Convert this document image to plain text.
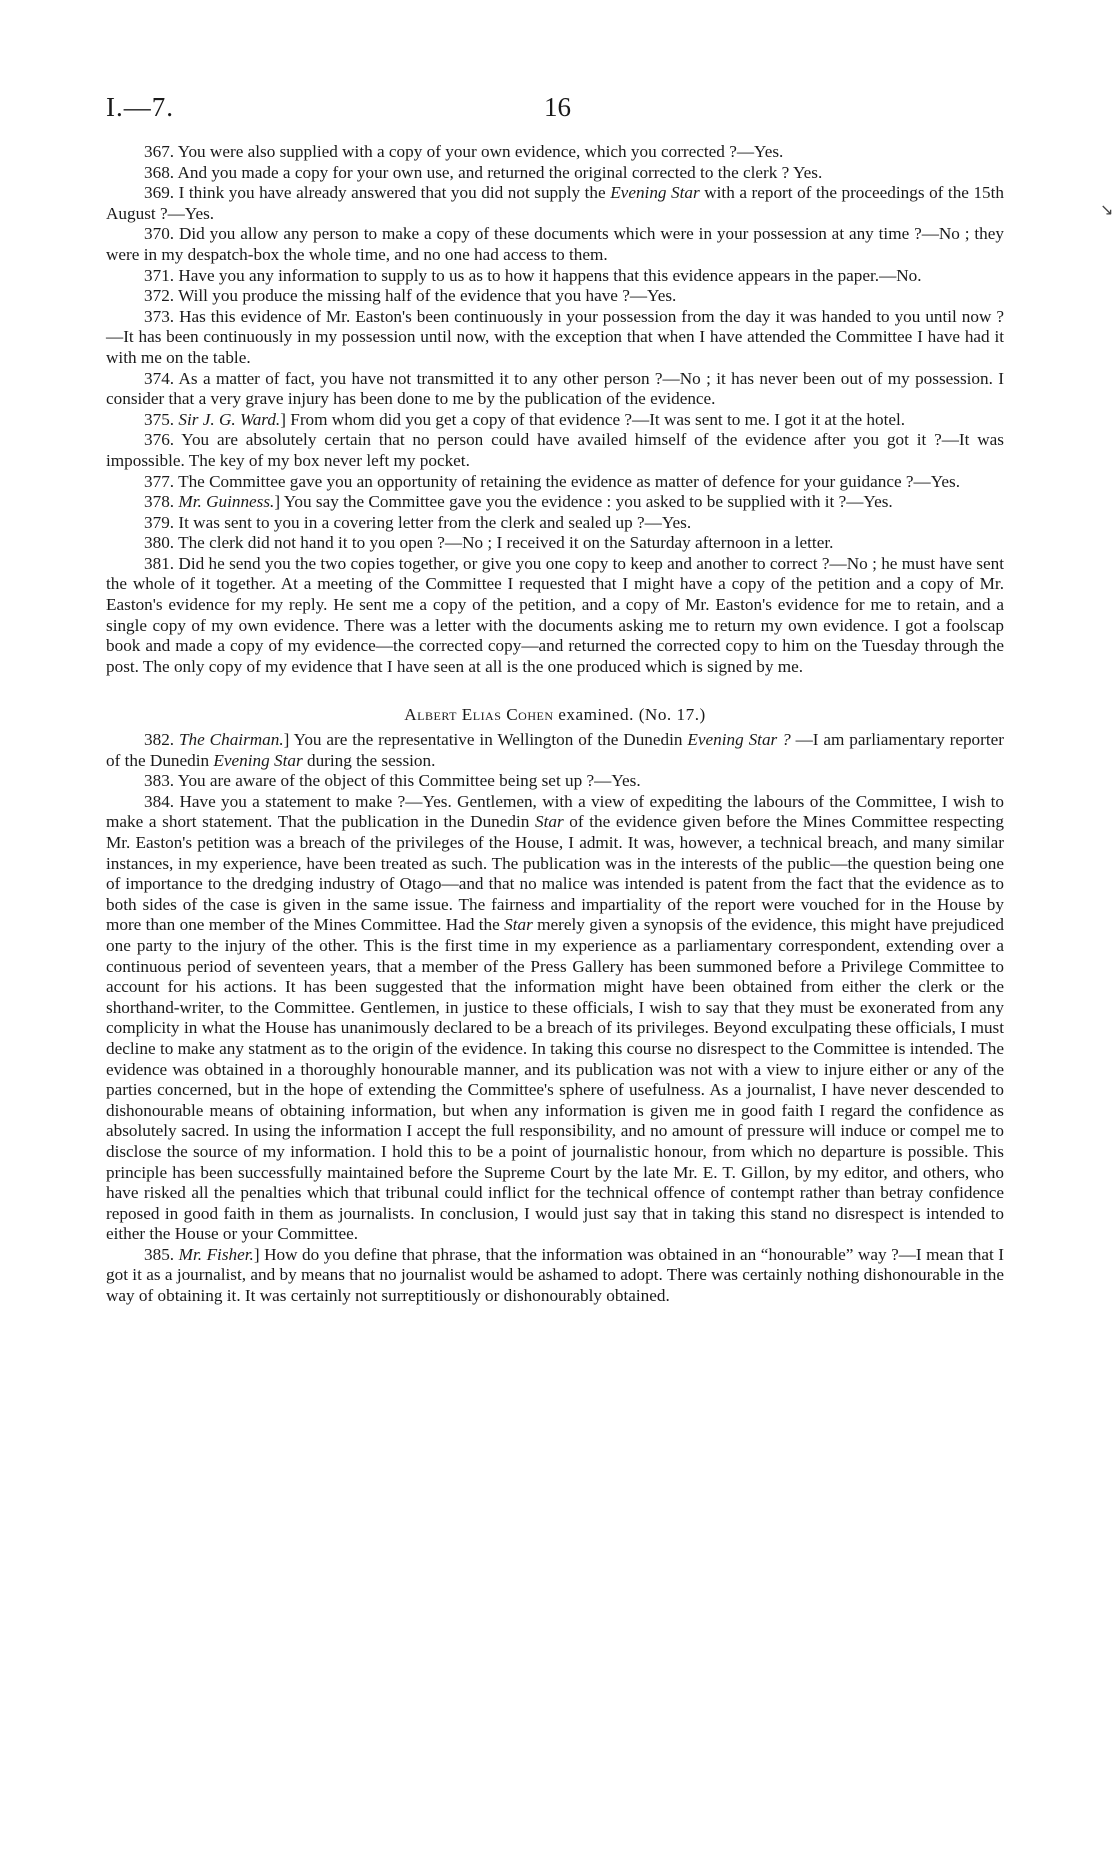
I.—7.	16
↘

367. You were also supplied with a copy of your own evidence, which you corrected ?—Yes.

368. And you made a copy for your own use, and returned the original corrected to the clerk ? Yes.

369. I think you have already answered that you did not supply the Evening Star with a report of the proceedings of the 15th August ?—Yes.

370. Did you allow any person to make a copy of these documents which were in your possession at any time ?—No ; they were in my despatch-box the whole time, and no one had access to them.

371. Have you any information to supply to us as to how it happens that this evidence appears in the paper.—No.

372. Will you produce the missing half of the evidence that you have ?—Yes.

373. Has this evidence of Mr. Easton's been continuously in your possession from the day it was handed to you until now ?—It has been continuously in my possession until now, with the exception that when I have attended the Committee I have had it with me on the table.

374. As a matter of fact, you have not transmitted it to any other person ?—No ; it has never been out of my possession. I consider that a very grave injury has been done to me by the publication of the evidence.

375. Sir J. G. Ward.] From whom did you get a copy of that evidence ?—It was sent to me. I got it at the hotel.

376. You are absolutely certain that no person could have availed himself of the evidence after you got it ?—It was impossible. The key of my box never left my pocket.

377. The Committee gave you an opportunity of retaining the evidence as matter of defence for your guidance ?—Yes.

378. Mr. Guinness.] You say the Committee gave you the evidence : you asked to be supplied with it ?—Yes.

379. It was sent to you in a covering letter from the clerk and sealed up ?—Yes.

380. The clerk did not hand it to you open ?—No ; I received it on the Saturday afternoon in a letter.

381. Did he send you the two copies together, or give you one copy to keep and another to correct ?—No ; he must have sent the whole of it together. At a meeting of the Committee I requested that I might have a copy of the petition and a copy of Mr. Easton's evidence for my reply. He sent me a copy of the petition, and a copy of Mr. Easton's evidence for me to retain, and a single copy of my own evidence. There was a letter with the documents asking me to return my own evidence. I got a foolscap book and made a copy of my evidence—the corrected copy—and returned the corrected copy to him on the Tuesday through the post. The only copy of my evidence that I have seen at all is the one produced which is signed by me.

Albert Elias Cohen examined. (No. 17.)

382. The Chairman.] You are the representative in Wellington of the Dunedin Evening Star ? —I am parliamentary reporter of the Dunedin Evening Star during the session.

383. You are aware of the object of this Committee being set up ?—Yes.

384. Have you a statement to make ?—Yes. Gentlemen, with a view of expediting the labours of the Committee, I wish to make a short statement. That the publication in the Dunedin Star of the evidence given before the Mines Committee respecting Mr. Easton's petition was a breach of the privileges of the House, I admit. It was, however, a technical breach, and many similar instances, in my experience, have been treated as such. The publication was in the interests of the public—the question being one of importance to the dredging industry of Otago—and that no malice was intended is patent from the fact that the evidence as to both sides of the case is given in the same issue. The fairness and impartiality of the report were vouched for in the House by more than one member of the Mines Committee. Had the Star merely given a synopsis of the evidence, this might have prejudiced one party to the injury of the other. This is the first time in my experience as a parliamentary correspondent, extending over a continuous period of seventeen years, that a member of the Press Gallery has been summoned before a Privilege Committee to account for his actions. It has been suggested that the information might have been obtained from either the clerk or the shorthand-writer, to the Committee. Gentlemen, in justice to these officials, I wish to say that they must be exonerated from any complicity in what the House has unanimously declared to be a breach of its privileges. Beyond exculpating these officials, I must decline to make any statment as to the origin of the evidence. In taking this course no disrespect to the Committee is intended. The evidence was obtained in a thoroughly honourable manner, and its publication was not with a view to injure either or any of the parties concerned, but in the hope of extending the Committee's sphere of usefulness. As a journalist, I have never descended to dishonourable means of obtaining information, but when any information is given me in good faith I regard the confidence as absolutely sacred. In using the information I accept the full responsibility, and no amount of pressure will induce or compel me to disclose the source of my information. I hold this to be a point of journalistic honour, from which no departure is possible. This principle has been successfully maintained before the Supreme Court by the late Mr. E. T. Gillon, by my editor, and others, who have risked all the penalties which that tribunal could inflict for the technical offence of contempt rather than betray confidence reposed in good faith in them as journalists. In conclusion, I would just say that in taking this stand no disrespect is intended to either the House or your Committee.

385. Mr. Fisher.] How do you define that phrase, that the information was obtained in an “honourable” way ?—I mean that I got it as a journalist, and by means that no journalist would be ashamed to adopt. There was certainly nothing dishonourable in the way of obtaining it. It was certainly not surreptitiously or dishonourably obtained.
